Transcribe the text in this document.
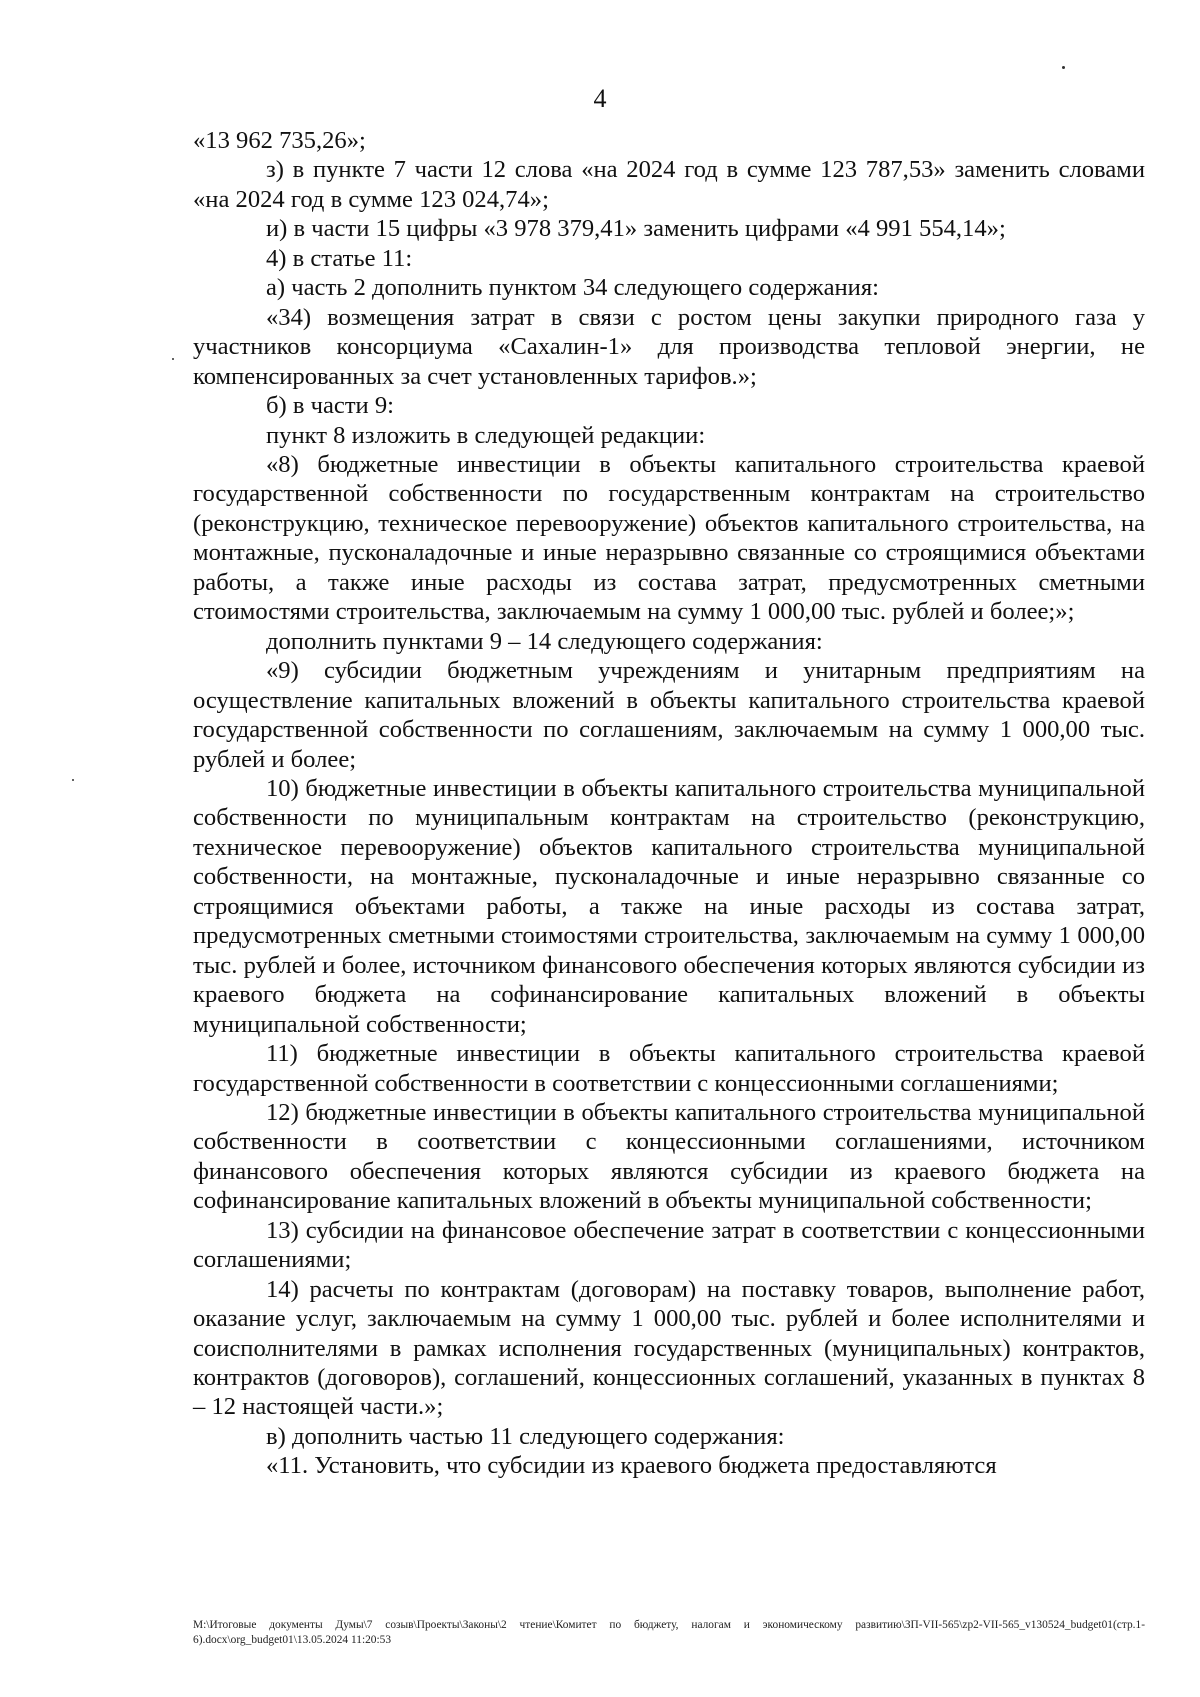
4

«13 962 735,26»;

з) в пункте 7 части 12 слова «на 2024 год в сумме 123 787,53» заменить словами «на 2024 год в сумме 123 024,74»;

и) в части 15 цифры «3 978 379,41» заменить цифрами «4 991 554,14»;

4) в статье 11:

а) часть 2 дополнить пунктом 34 следующего содержания:

«34) возмещения затрат в связи с ростом цены закупки природного газа у участников консорциума «Сахалин-1» для производства тепловой энергии, не компенсированных за счет установленных тарифов.»;

б) в части 9:

пункт 8 изложить в следующей редакции:

«8) бюджетные инвестиции в объекты капитального строительства краевой государственной собственности по государственным контрактам на строительство (реконструкцию, техническое перевооружение) объектов капитального строительства, на монтажные, пусконаладочные и иные неразрывно связанные со строящимися объектами работы, а также иные расходы из состава затрат, предусмотренных сметными стоимостями строительства, заключаемым на сумму 1 000,00 тыс. рублей и более;»;

дополнить пунктами 9 – 14 следующего содержания:

«9) субсидии бюджетным учреждениям и унитарным предприятиям на осуществление капитальных вложений в объекты капитального строительства краевой государственной собственности по соглашениям, заключаемым на сумму 1 000,00 тыс. рублей и более;

10) бюджетные инвестиции в объекты капитального строительства муниципальной собственности по муниципальным контрактам на строительство (реконструкцию, техническое перевооружение) объектов капитального строительства муниципальной собственности, на монтажные, пусконаладочные и иные неразрывно связанные со строящимися объектами работы, а также на иные расходы из состава затрат, предусмотренных сметными стоимостями строительства, заключаемым на сумму 1 000,00 тыс. рублей и более, источником финансового обеспечения которых являются субсидии из краевого бюджета на софинансирование капитальных вложений в объекты муниципальной собственности;

11) бюджетные инвестиции в объекты капитального строительства краевой государственной собственности в соответствии с концессионными соглашениями;

12) бюджетные инвестиции в объекты капитального строительства муниципальной собственности в соответствии с концессионными соглашениями, источником финансового обеспечения которых являются субсидии из краевого бюджета на софинансирование капитальных вложений в объекты муниципальной собственности;

13) субсидии на финансовое обеспечение затрат в соответствии с концессионными соглашениями;

14) расчеты по контрактам (договорам) на поставку товаров, выполнение работ, оказание услуг, заключаемым на сумму 1 000,00 тыс. рублей и более исполнителями и соисполнителями в рамках исполнения государственных (муниципальных) контрактов, контрактов (договоров), соглашений, концессионных соглашений, указанных в пунктах 8 – 12 настоящей части.»;

в) дополнить частью 11 следующего содержания:

«11. Установить, что субсидии из краевого бюджета предоставляются

M:\Итоговые документы Думы\7 созыв\Проекты\Законы\2 чтение\Комитет по бюджету, налогам и экономическому развитию\ЗП-VII-565\zp2-VII-565_v130524_budget01(стр.1-6).docx\org_budget01\13.05.2024 11:20:53
